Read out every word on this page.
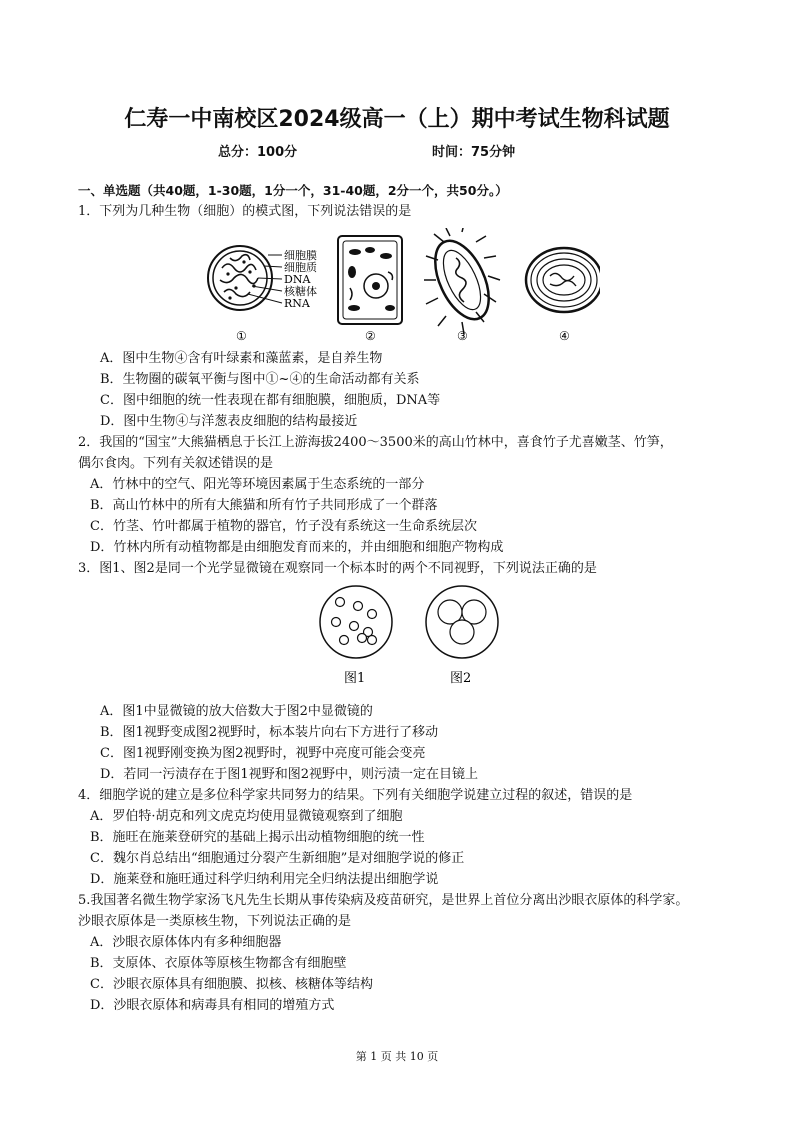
仁寿一中南校区2024级高一（上）期中考试生物科试题
总分：100分	时间：75分钟
一、单选题（共40题，1-30题，1分一个，31-40题，2分一个，共50分。）
1．下列为几种生物（细胞）的模式图，下列说法错误的是
细胞膜
细胞质
DNA
核糖体
RNA
①	②	③	④
A．图中生物④含有叶绿素和藻蓝素，是自养生物
B．生物圈的碳氧平衡与图中①~④的生命活动都有关系
C．图中细胞的统一性表现在都有细胞膜，细胞质，DNA等
D．图中生物④与洋葱表皮细胞的结构最接近
2．我国的“国宝”大熊猫栖息于长江上游海拔2400～3500米的高山竹林中，喜食竹子尤喜嫩茎、竹笋，
偶尔食肉。下列有关叙述错误的是
A．竹林中的空气、阳光等环境因素属于生态系统的一部分
B．高山竹林中的所有大熊猫和所有竹子共同形成了一个群落
C．竹茎、竹叶都属于植物的器官，竹子没有系统这一生命系统层次
D．竹林内所有动植物都是由细胞发育而来的，并由细胞和细胞产物构成
3．图1、图2是同一个光学显微镜在观察同一个标本时的两个不同视野，下列说法正确的是
图1	图2
A．图1中显微镜的放大倍数大于图2中显微镜的
B．图1视野变成图2视野时，标本装片向右下方进行了移动
C．图1视野刚变换为图2视野时，视野中亮度可能会变亮
D．若同一污渍存在于图1视野和图2视野中，则污渍一定在目镜上
4．细胞学说的建立是多位科学家共同努力的结果。下列有关细胞学说建立过程的叙述，错误的是
A．罗伯特·胡克和列文虎克均使用显微镜观察到了细胞
B．施旺在施莱登研究的基础上揭示出动植物细胞的统一性
C．魏尔肖总结出“细胞通过分裂产生新细胞”是对细胞学说的修正
D．施莱登和施旺通过科学归纳利用完全归纳法提出细胞学说
5.我国著名微生物学家汤飞凡先生长期从事传染病及疫苗研究，是世界上首位分离出沙眼衣原体的科学家。
沙眼衣原体是一类原核生物，下列说法正确的是
A．沙眼衣原体体内有多种细胞器
B．支原体、衣原体等原核生物都含有细胞壁
C．沙眼衣原体具有细胞膜、拟核、核糖体等结构
D．沙眼衣原体和病毒具有相同的增殖方式
第 1 页 共 10 页
